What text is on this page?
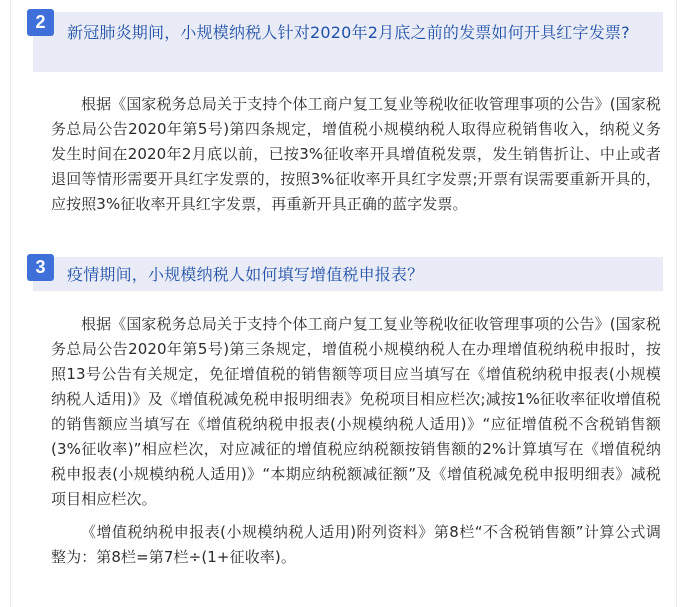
新冠肺炎期间，小规模纳税人针对2020年2月底之前的发票如何开具红字发票?
2

根据《国家税务总局关于支持个体工商户复工复业等税收征收管理事项的公告》(国家税务总局公告2020年第5号)第四条规定，增值税小规模纳税人取得应税销售收入，纳税义务发生时间在2020年2月底以前，已按3%征收率开具增值税发票，发生销售折让、中止或者退回等情形需要开具红字发票的，按照3%征收率开具红字发票;开票有误需要重新开具的，应按照3%征收率开具红字发票，再重新开具正确的蓝字发票。

疫情期间，小规模纳税人如何填写增值税申报表？
3

根据《国家税务总局关于支持个体工商户复工复业等税收征收管理事项的公告》(国家税务总局公告2020年第5号)第三条规定，增值税小规模纳税人在办理增值税纳税申报时，按照13号公告有关规定，免征增值税的销售额等项目应当填写在《增值税纳税申报表(小规模纳税人适用)》及《增值税减免税申报明细表》免税项目相应栏次;减按1%征收率征收增值税的销售额应当填写在《增值税纳税申报表(小规模纳税人适用)》“应征增值税不含税销售额(3%征收率)”相应栏次，对应减征的增值税应纳税额按销售额的2%计算填写在《增值税纳税申报表(小规模纳税人适用)》“本期应纳税额减征额”及《增值税减免税申报明细表》减税项目相应栏次。

《增值税纳税申报表(小规模纳税人适用)附列资料》第8栏“不含税销售额”计算公式调整为：第8栏=第7栏÷(1+征收率)。
